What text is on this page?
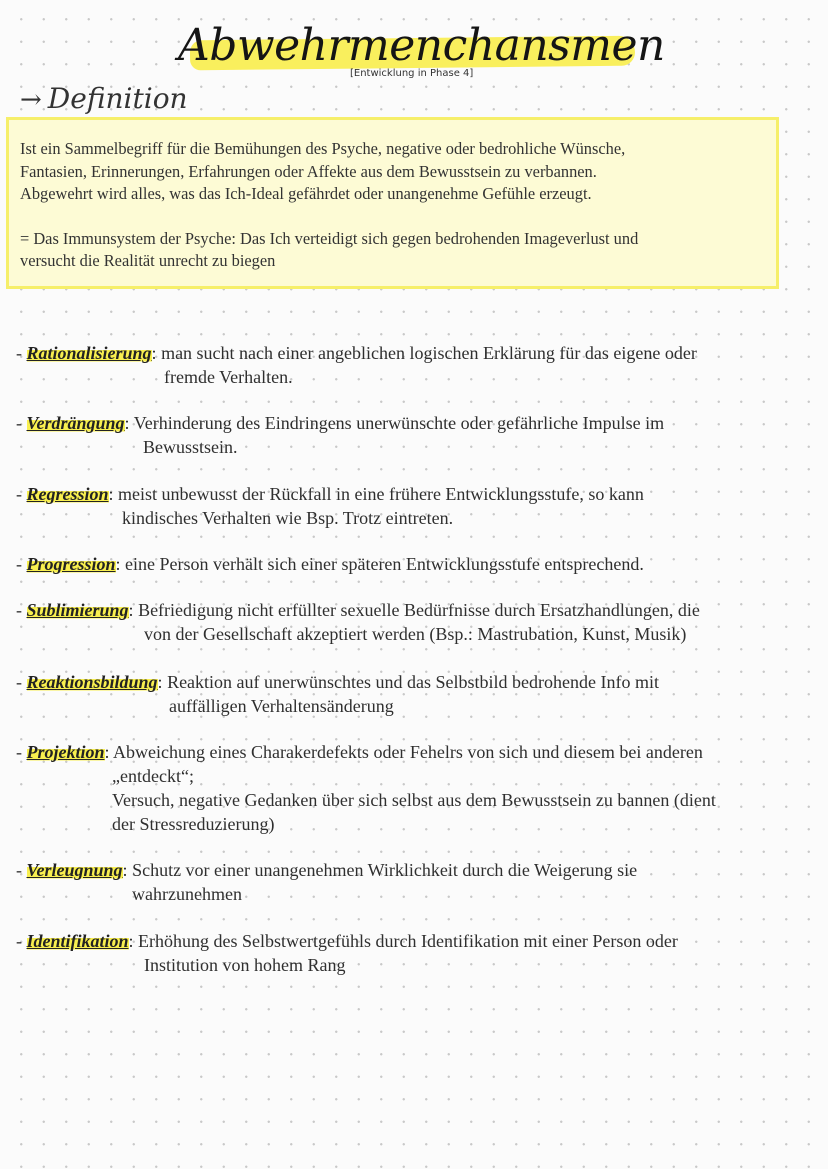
Abwehrmenchansmen
[Entwicklung in Phase 4]
→ Definition

Ist ein Sammelbegriff für die Bemühungen des Psyche, negative oder bedrohliche Wünsche,

Fantasien, Erinnerungen, Erfahrungen oder Affekte aus dem Bewusstsein zu verbannen.

Abgewehrt wird alles, was das Ich-Ideal gefährdet oder unangenehme Gefühle erzeugt.

= Das Immunsystem der Psyche: Das Ich verteidigt sich gegen bedrohenden Imageverlust und

versucht die Realität unrecht zu biegen

- Rationalisierung: man sucht nach einer angeblichen logischen Erklärung für das eigene oder
fremde Verhalten.
- Verdrängung: Verhinderung des Eindringens unerwünschte oder gefährliche Impulse im
Bewusstsein.
- Regression: meist unbewusst der Rückfall in eine frühere Entwicklungsstufe, so kann
kindisches Verhalten wie Bsp. Trotz eintreten.
- Progression: eine Person verhält sich einer späteren Entwicklungsstufe entsprechend.
- Sublimierung: Befriedigung nicht erfüllter sexuelle Bedürfnisse durch Ersatzhandlungen, die
von der Gesellschaft akzeptiert werden (Bsp.: Mastrubation, Kunst, Musik)
- Reaktionsbildung: Reaktion auf unerwünschtes und das Selbstbild bedrohende Info mit
auffälligen Verhaltensänderung
- Projektion: Abweichung eines Charakerdefekts oder Fehelrs von sich und diesem bei anderen
„entdeckt“;
Versuch, negative Gedanken über sich selbst aus dem Bewusstsein zu bannen (dient
der Stressreduzierung)
- Verleugnung: Schutz vor einer unangenehmen Wirklichkeit durch die Weigerung sie
wahrzunehmen
- Identifikation: Erhöhung des Selbstwertgefühls durch Identifikation mit einer Person oder
Institution von hohem Rang
